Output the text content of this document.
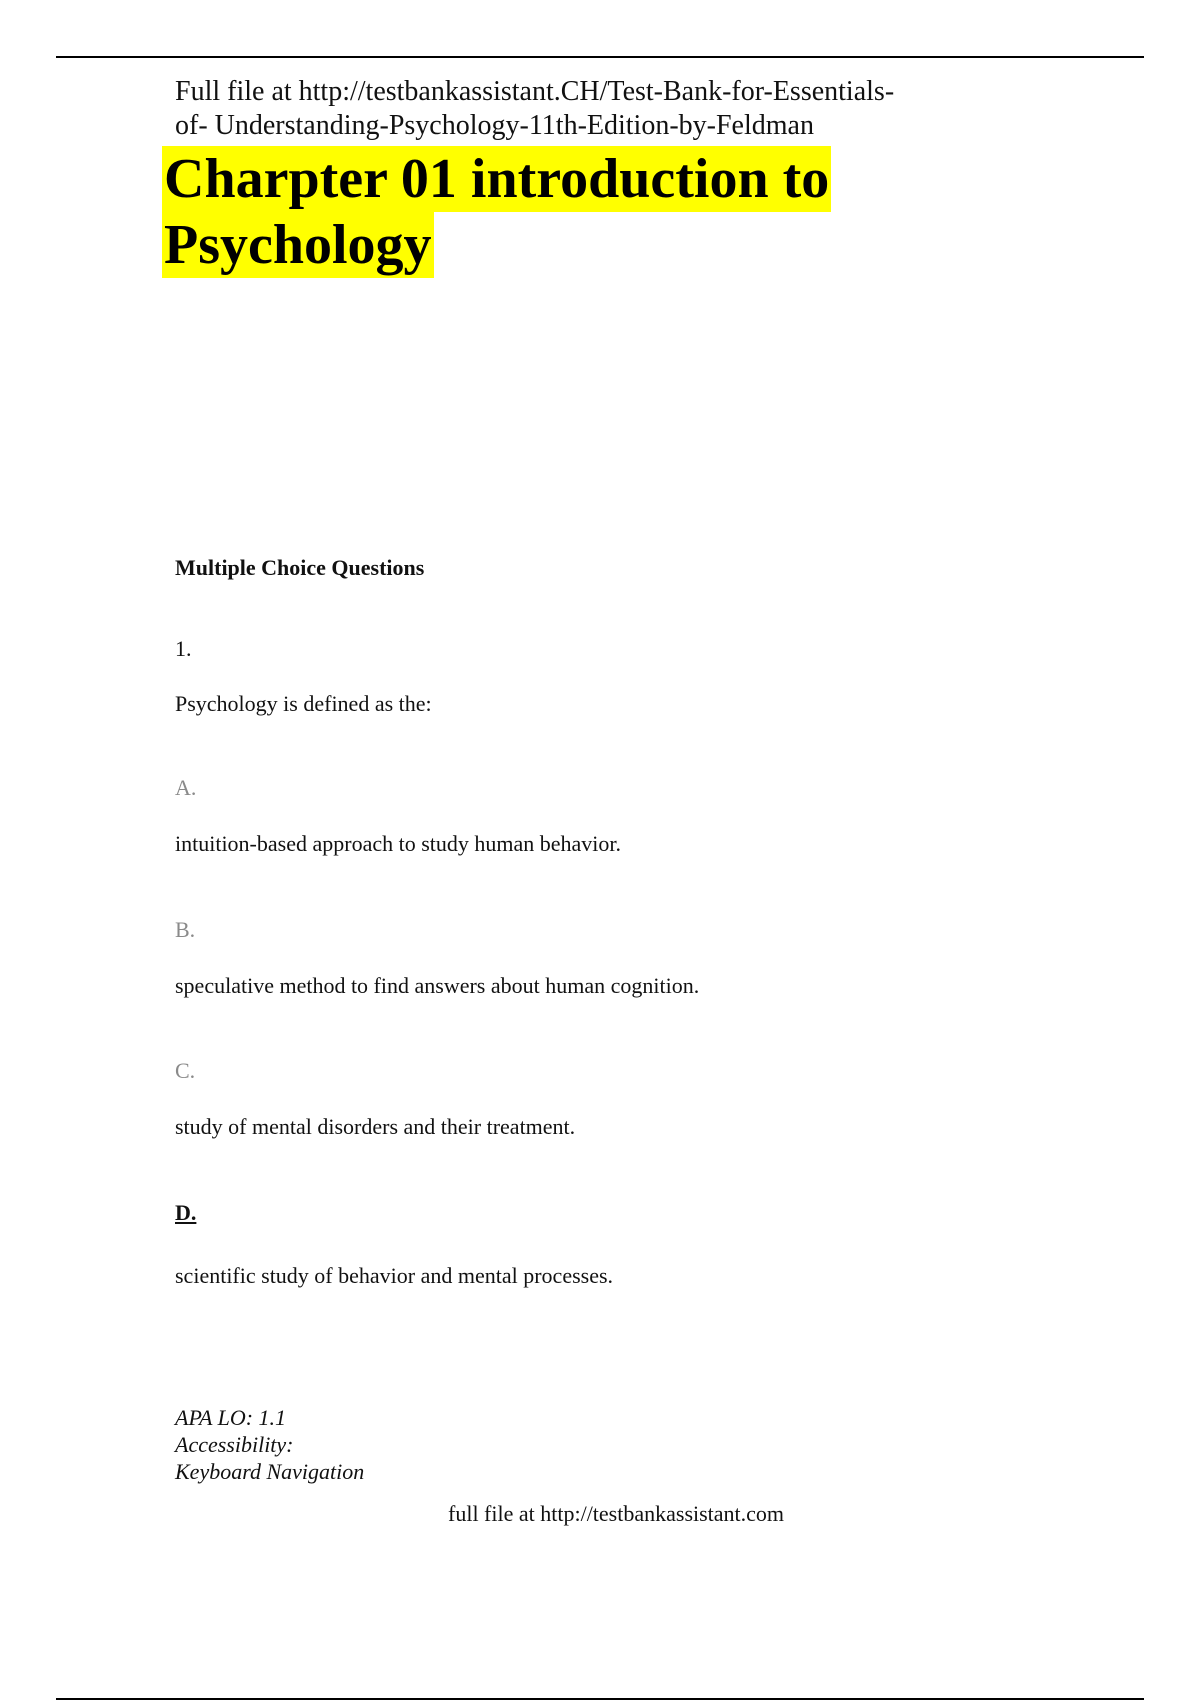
Full file at http://testbankassistant.CH/Test-Bank-for-Essentials-
of- Understanding-Psychology-11th-Edition-by-Feldman
Charpter 01 introduction to
Psychology
Multiple Choice Questions
1.
Psychology is defined as the:
A.
intuition-based approach to study human behavior.
B.
speculative method to find answers about human cognition.
C.
study of mental disorders and their treatment.
D.
scientific study of behavior and mental processes.
APA LO: 1.1
Accessibility:
Keyboard Navigation
full file at http://testbankassistant.com
